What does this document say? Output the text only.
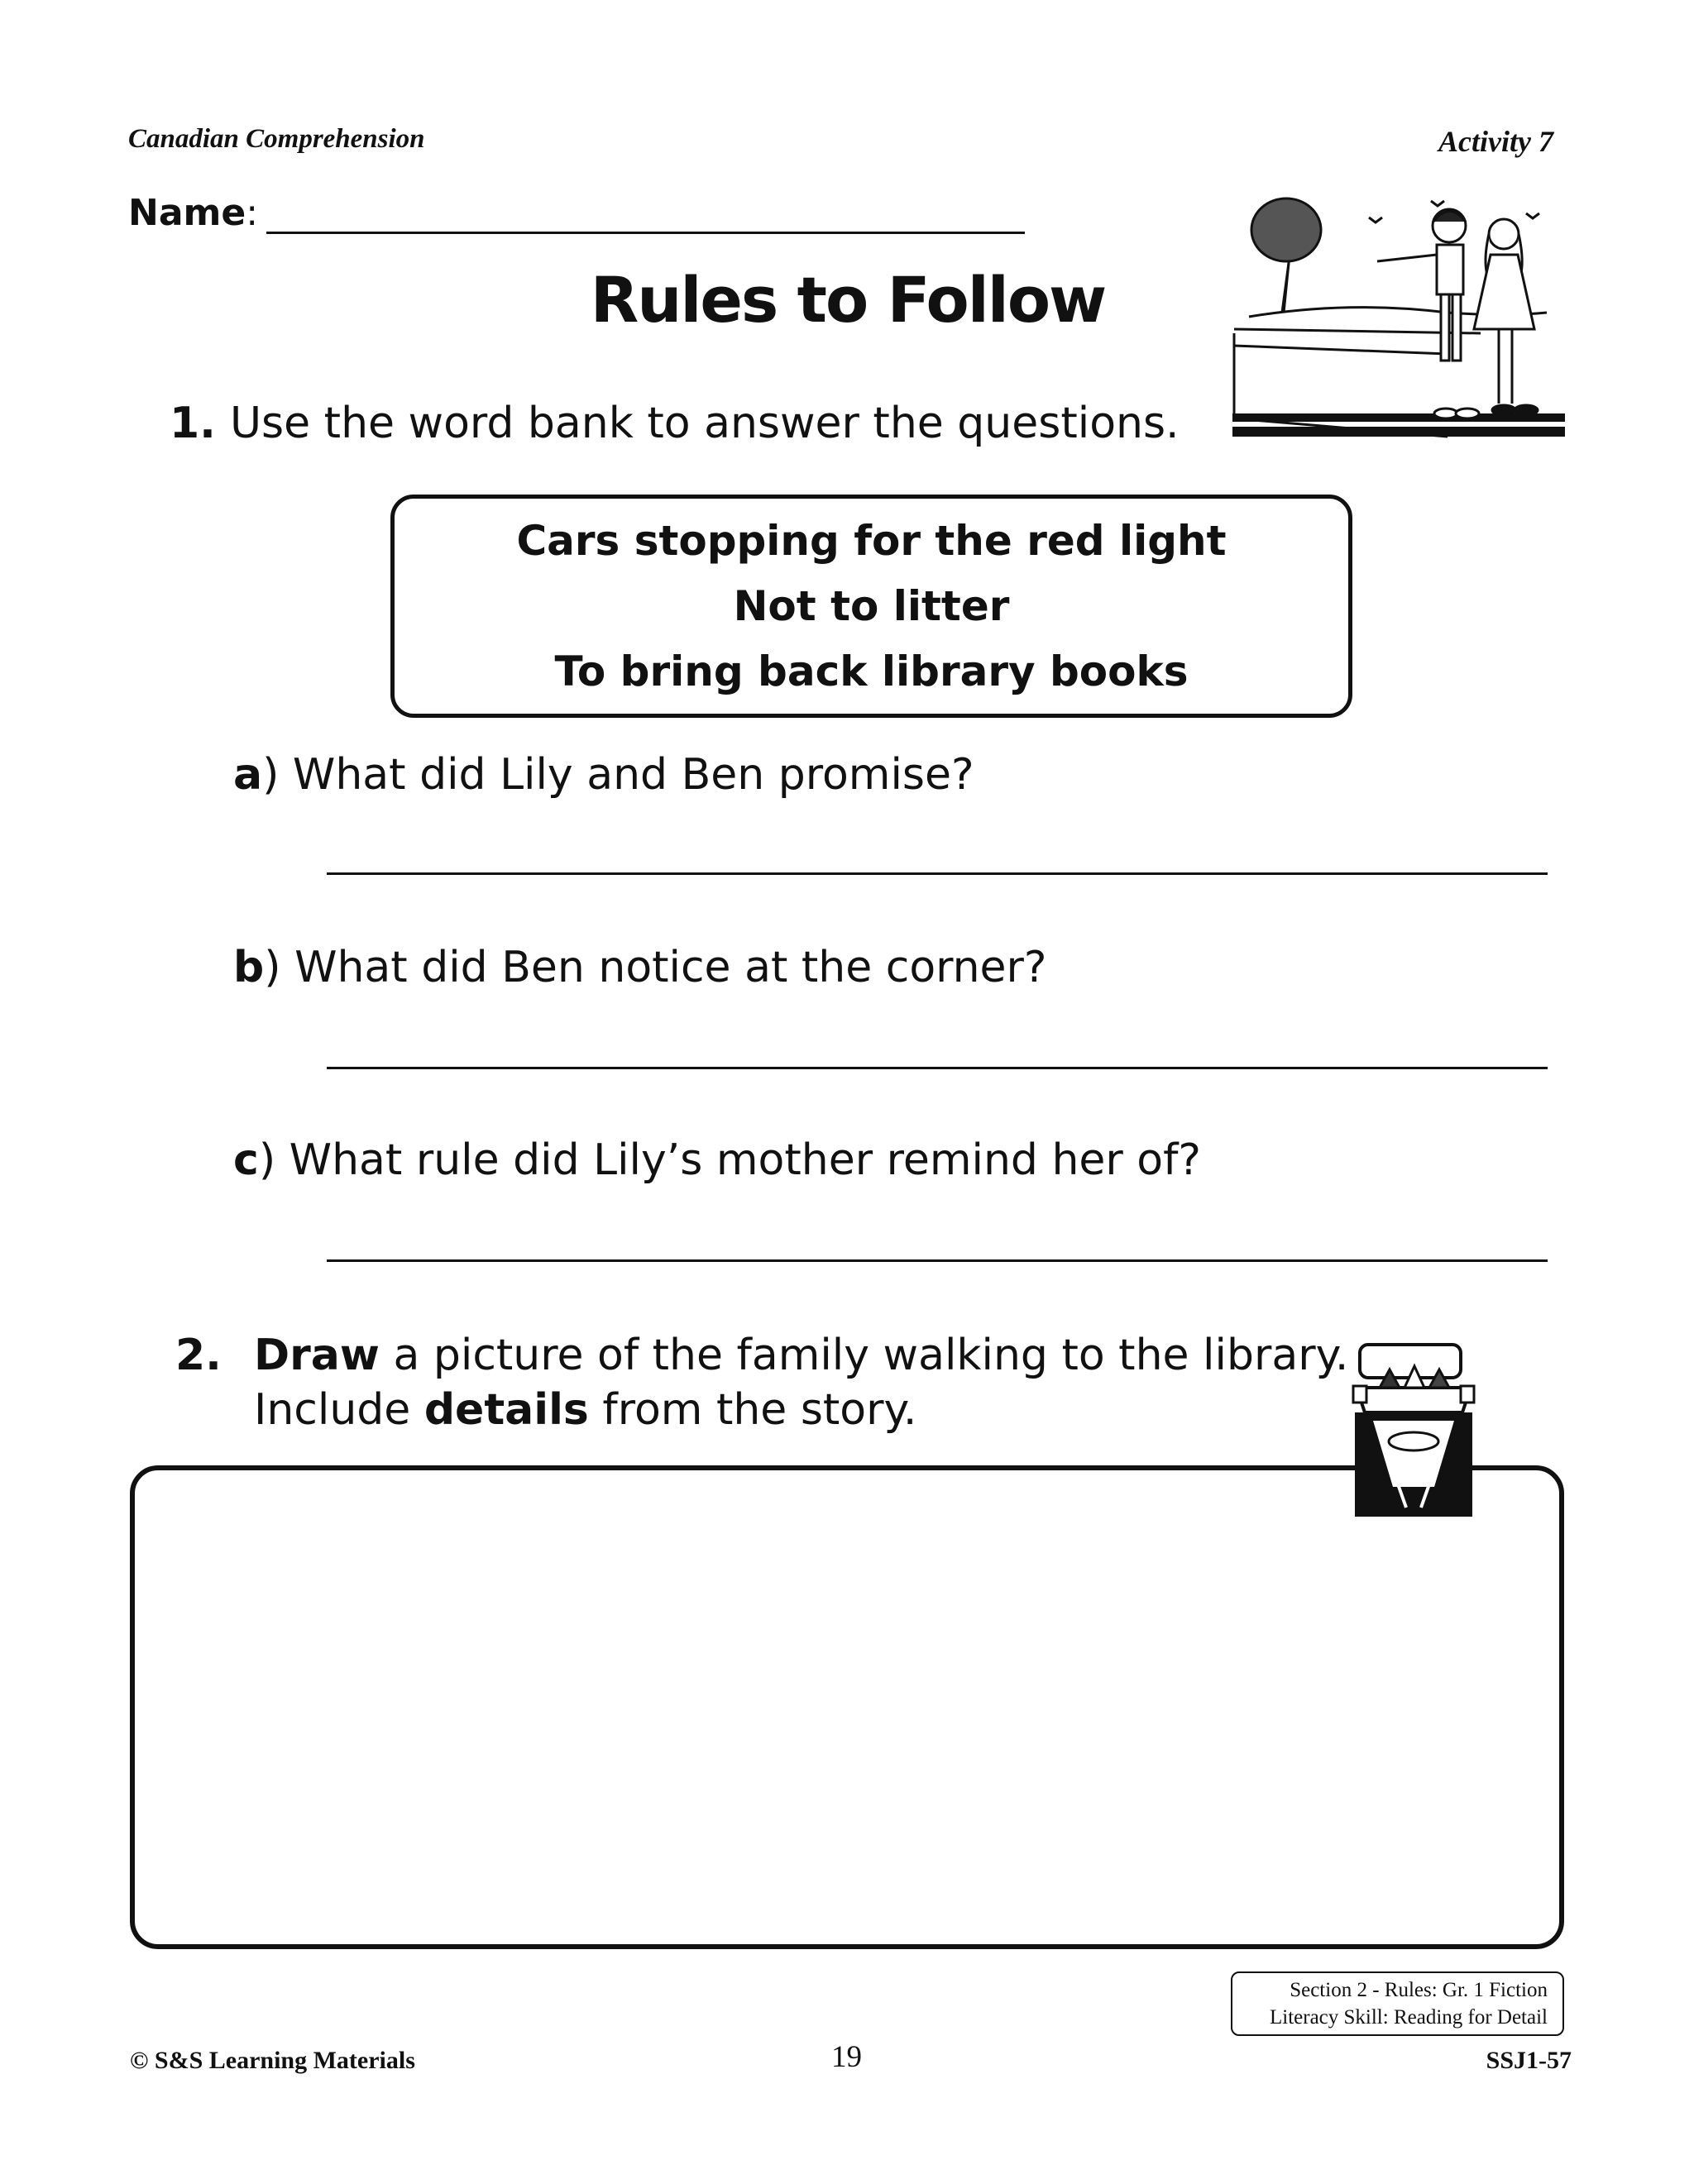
Canadian Comprehension	Activity 7
Name :
Rules to Follow
1. Use the word bank to answer the questions.
Cars stopping for the red light
Not to litter
To bring back library books
a) What did Lily and Ben promise?
b) What did Ben notice at the corner?
c) What rule did Lily’s mother remind her of?
2. Draw a picture of the family walking to the library.
Include details from the story.
Section 2 - Rules: Gr. 1 Fiction
Literacy Skill: Reading for Detail
© S&S Learning Materials	19	SSJ1-57
